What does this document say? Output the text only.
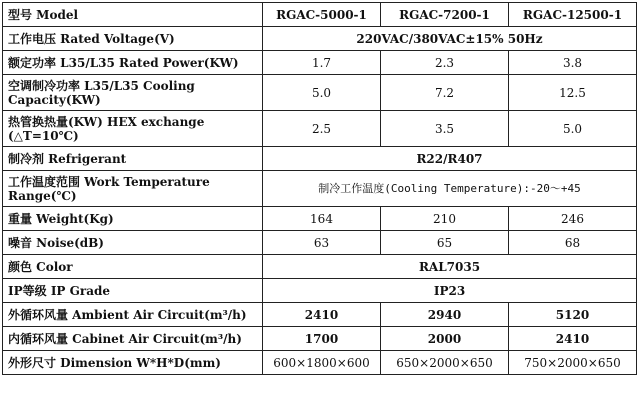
型号 Model	RGAC-5000-1	RGAC-7200-1	RGAC-12500-1
工作电压 Rated Voltage(V)	220VAC/380VAC±15% 50Hz		
额定功率 L35/L35 Rated Power(KW)	1.7	2.3	3.8
空调制冷功率 L35/L35 Cooling Capacity(KW)	5.0	7.2	12.5
热管换热量(KW) HEX exchange (△T=10℃)	2.5	3.5	5.0
制冷剂 Refrigerant	R22/R407		
工作温度范围 Work Temperature Range(℃)	制冷工作温度(Cooling Temperature):-20～+45		
重量 Weight(Kg)	164	210	246
噪音 Noise(dB)	63	65	68
颜色 Color	RAL7035		
IP等级 IP Grade	IP23		
外循环风量 Ambient Air Circuit(m³/h)	2410	2940	5120
内循环风量 Cabinet Air Circuit(m³/h)	1700	2000	2410
外形尺寸 Dimension W*H*D(mm)	600×1800×600	650×2000×650	750×2000×650
